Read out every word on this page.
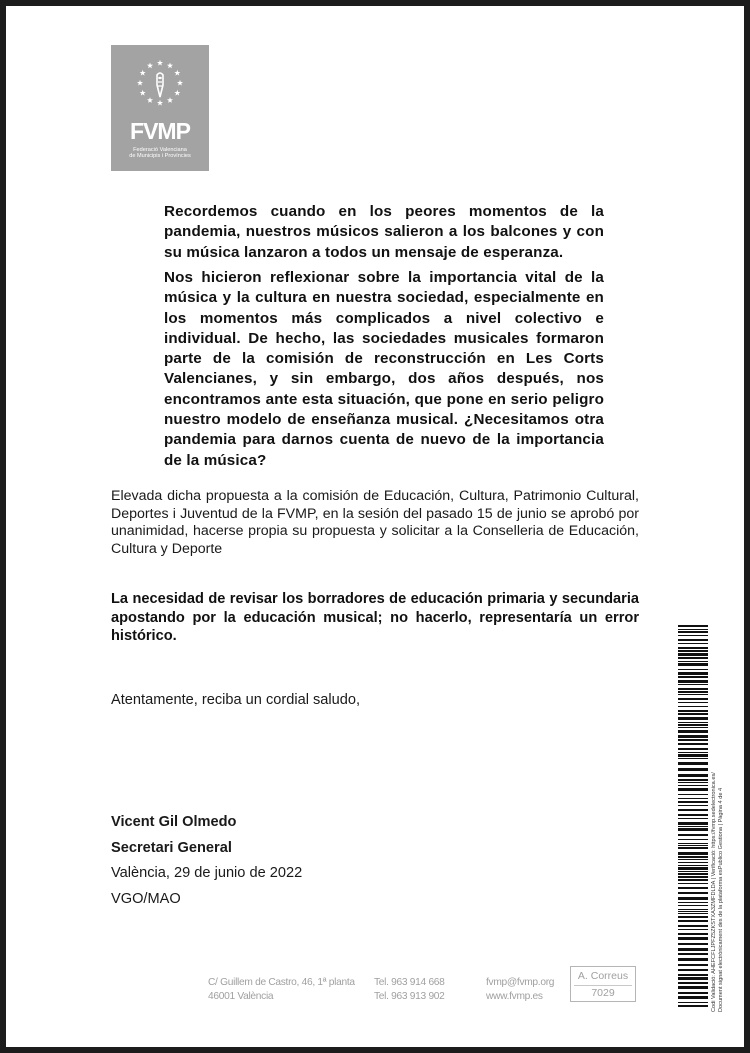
FVMP
Federació Valenciana
de Municipis i Províncies

Recordemos cuando en los peores momentos de la pandemia, nuestros músicos salieron a los balcones y con su música lanzaron a todos un mensaje de esperanza.

Nos hicieron reflexionar sobre la importancia vital de la música y la cultura en nuestra sociedad, especialmente en los momentos más complicados a nivel colectivo e individual. De hecho, las sociedades musicales formaron parte de la comisión de reconstrucción en Les Corts Valencianes, y sin embargo, dos años después, nos encontramos ante esta situación, que pone en serio peligro nuestro modelo de enseñanza musical. ¿Necesitamos otra pandemia para darnos cuenta de nuevo de la importancia de la música?

Elevada dicha propuesta a la comisión de Educación, Cultura, Patrimonio Cultural, Deportes i Juventud de la FVMP, en la sesión del pasado 15 de junio se aprobó por unanimidad, hacerse propia su propuesta y solicitar a la Conselleria de Educación, Cultura y Deporte

La necesidad de revisar los borradores de educación primaria y secundaria apostando por la educación musical; no hacerlo, representaría un error histórico.

Atentamente, reciba un cordial saludo,
Vicent Gil Olmedo
Secretari General
València, 29 de junio de 2022
VGO/MAO
C/ Guillem de Castro, 46, 1ª planta
46001 València
Tel. 963 914 668
Tel. 963 913 902
fvmp@fvmp.org
www.fvmp.es
A. Correus
7029	Codi Validació: AHEFCFLJPFZ5ZKSTXA3ZMFDLDA | Verificació: https://fvmp.sedelectronica.es/ Document signat electrònicament des de la plataforma esPublico Gestiona | Pàgina 4 de 4
